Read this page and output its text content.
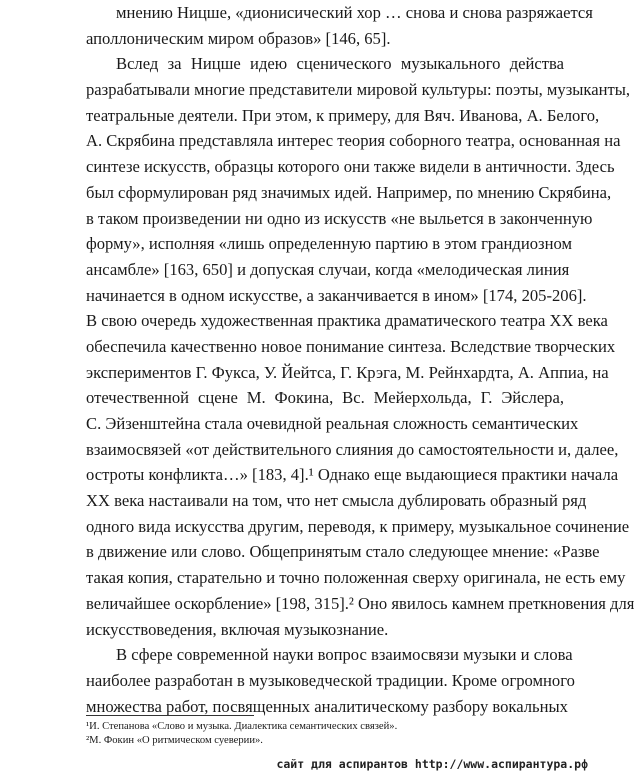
мнению Ницше, «дионисический хор … снова и снова разряжается
аполлоническим миром образов» [146, 65].
Вслед за Ницше идею сценического музыкального действа
разрабатывали многие представители мировой культуры: поэты, музыканты,
театральные деятели. При этом, к примеру, для Вяч. Иванова, А. Белого,
А. Скрябина представляла интерес теория соборного театра, основанная на
синтезе искусств, образцы которого они также видели в античности. Здесь
был сформулирован ряд значимых идей. Например, по мнению Скрябина,
в таком произведении ни одно из искусств «не выльется в законченную
форму», исполняя «лишь определенную партию в этом грандиозном
ансамбле» [163, 650] и допуская случаи, когда «мелодическая линия
начинается в одном искусстве, а заканчивается в ином» [174, 205-206].
В свою очередь художественная практика драматического театра XX века
обеспечила качественно новое понимание синтеза. Вследствие творческих
экспериментов Г. Фукса, У. Йейтса, Г. Крэга, М. Рейнхардта, А. Аппиа, на
отечественной сцене М. Фокина, Вс. Мейерхольда, Г. Эйслера,
С. Эйзенштейна стала очевидной реальная сложность семантических
взаимосвязей «от действительного слияния до самостоятельности и, далее,
остроты конфликта…» [183, 4].¹ Однако еще выдающиеся практики начала
XX века настаивали на том, что нет смысла дублировать образный ряд
одного вида искусства другим, переводя, к примеру, музыкальное сочинение
в движение или слово. Общепринятым стало следующее мнение: «Разве
такая копия, старательно и точно положенная сверху оригинала, не есть ему
величайшее оскорбление» [198, 315].² Оно явилось камнем преткновения для
искусствоведения, включая музыкознание.
В сфере современной науки вопрос взаимосвязи музыки и слова
наиболее разработан в музыковедческой традиции. Кроме огромного
множества работ, посвященных аналитическому разбору вокальных
¹И. Степанова «Слово и музыка. Диалектика семантических связей».
²М. Фокин «О ритмическом суеверии».
сайт для аспирантов http://www.аспирантура.рф
